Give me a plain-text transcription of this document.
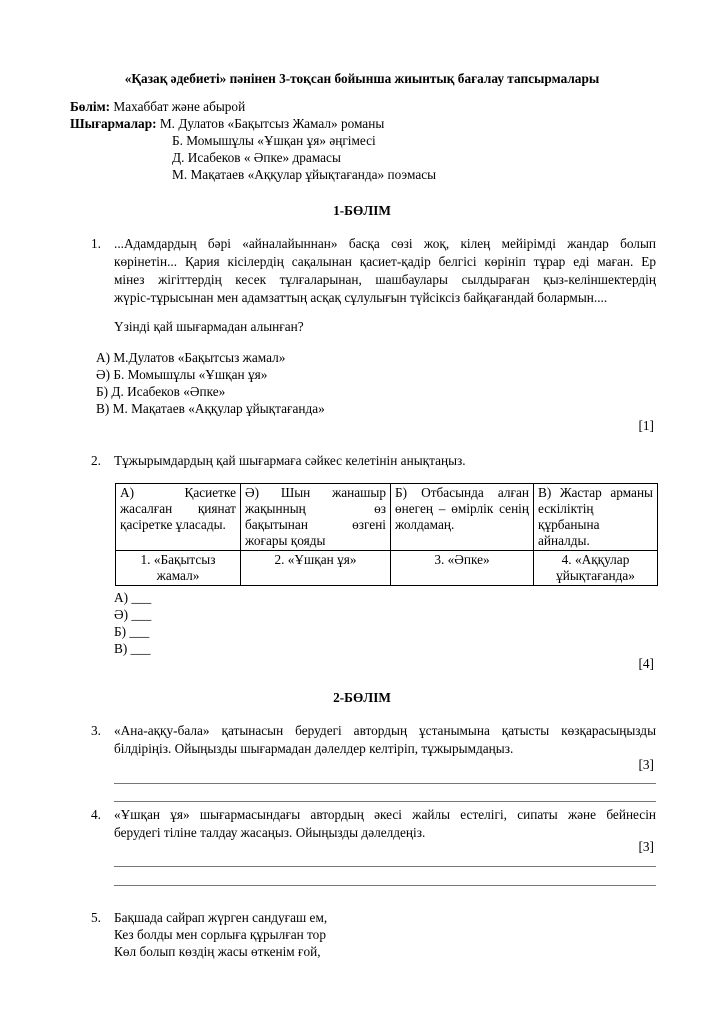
«Қазақ әдебиеті» пәнінен 3-тоқсан бойынша жиынтық бағалау тапсырмалары
Бөлім: Махаббат және абырой
Шығармалар: М. Дулатов «Бақытсыз Жамал» романы
Б. Момышұлы «Ұшқан ұя» әңгімесі
Д. Исабеков « Әпке» драмасы
М. Мақатаев «Аққулар ұйықтағанда» поэмасы
1-БӨЛІМ
1. ...Адамдардың бәрі «айналайыннан» басқа сөзі жоқ, кілең мейірімді жандар болып
көрінетін... Қария кісілердің сақалынан қасиет-қадір белгісі көрініп тұрар еді маған. Ер
мінез жігіттердің кесек тұлғаларынан, шашбаулары сылдыраған қыз-келіншектердің
жүріс-тұрысынан мен адамзаттың асқақ сұлулығын түйсіксіз байқағандай болармын....
Үзінді қай шығармадан алынған?
А) М.Дулатов «Бақытсыз жамал»
Ә) Б. Момышұлы «Ұшқан ұя»
Б) Д. Исабеков «Әпке»
В) М. Мақатаев «Аққулар ұйықтағанда»
[1]
2. Тұжырымдардың қай шығармаға сәйкес келетінін анықтаңыз.
А) Қасиетке жасалған қиянат қасіретке ұласады.	Ә) Шын жанашыр жақынның өз бақытынан өзгені жоғары қояды	Б) Отбасында алған өнегең – өмірлік сенің жолдамаң.	В) Жастар арманы ескіліктің құрбанына айналды.
1. «Бақытсыз жамал»	2. «Ұшқан ұя»	3. «Әпке»	4. «Аққулар ұйықтағанда»
А) ___
Ә) ___
Б) ___
В) ___
[4]
2-БӨЛІМ
3. «Ана-аққу-бала» қатынасын берудегі автордың ұстанымына қатысты көзқарасыңызды
білдіріңіз. Ойыңызды шығармадан дәлелдер келтіріп, тұжырымдаңыз.
[3]
4. «Ұшқан ұя» шығармасындағы автордың әкесі жайлы естелігі, сипаты және бейнесін
берудегі тіліне талдау жасаңыз. Ойыңызды дәлелдеңіз.
[3]
5. Бақшада сайрап жүрген сандуғаш ем,
Кез болды мен сорлыға құрылған тор
Көл болып көздің жасы өткенім ғой,
